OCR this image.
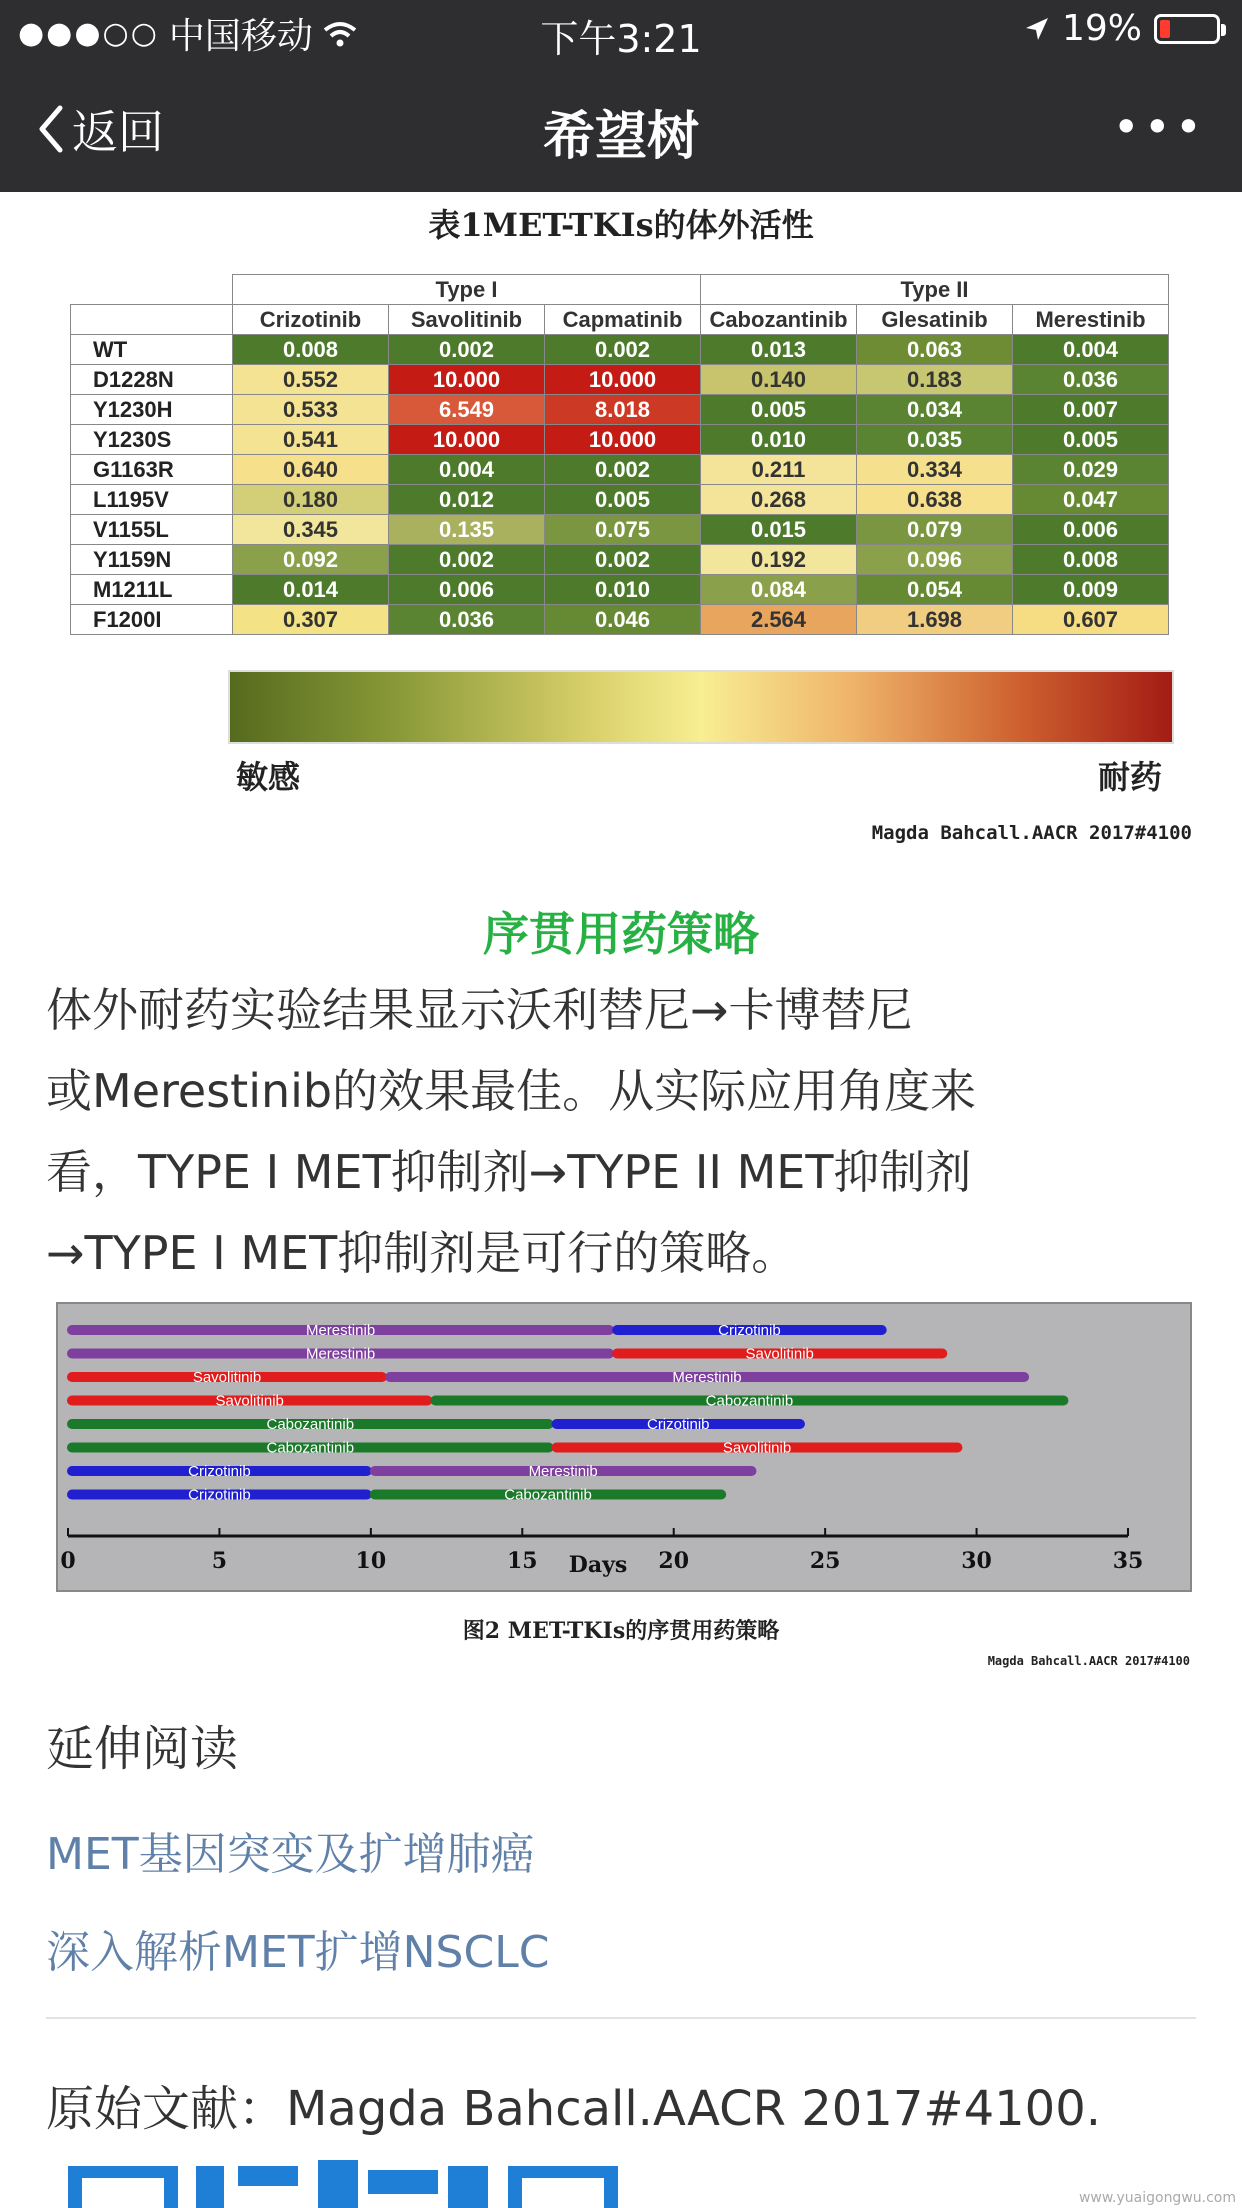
●●●○○ 中国移动	下午3:21	19%
返回	希望树	•••
表1MET-TKIs的体外活性
	Type I			Type II		
	Crizotinib	Savolitinib	Capmatinib	Cabozantinib	Glesatinib	Merestinib
WT	0.008	0.002	0.002	0.013	0.063	0.004
D1228N	0.552	10.000	10.000	0.140	0.183	0.036
Y1230H	0.533	6.549	8.018	0.005	0.034	0.007
Y1230S	0.541	10.000	10.000	0.010	0.035	0.005
G1163R	0.640	0.004	0.002	0.211	0.334	0.029
L1195V	0.180	0.012	0.005	0.268	0.638	0.047
V1155L	0.345	0.135	0.075	0.015	0.079	0.006
Y1159N	0.092	0.002	0.002	0.192	0.096	0.008
M1211L	0.014	0.006	0.010	0.084	0.054	0.009
F1200I	0.307	0.036	0.046	2.564	1.698	0.607
敏感	耐药
Magda Bahcall.AACR 2017#4100
序贯用药策略

体外耐药实验结果显示沃利替尼→卡博替尼

或Merestinib的效果最佳。从实际应用角度来

看，TYPE I MET抑制剂→TYPE II MET抑制剂

→TYPE I MET抑制剂是可行的策略。

Merestinib	Crizotinib
Merestinib	Savolitinib
Savolitinib	Merestinib
Savolitinib	Cabozantinib
Cabozantinib	Crizotinib
Cabozantinib	Savolitinib
Crizotinib	Merestinib
Crizotinib	Cabozantinib
0	5	10	15	20	25	30	35
Days
图2 MET-TKIs的序贯用药策略
Magda Bahcall.AACR 2017#4100
延伸阅读
MET基因突变及扩增肺癌
深入解析MET扩增NSCLC
原始文献：Magda Bahcall.AACR 2017#4100.
www.yuaigongwu.com
